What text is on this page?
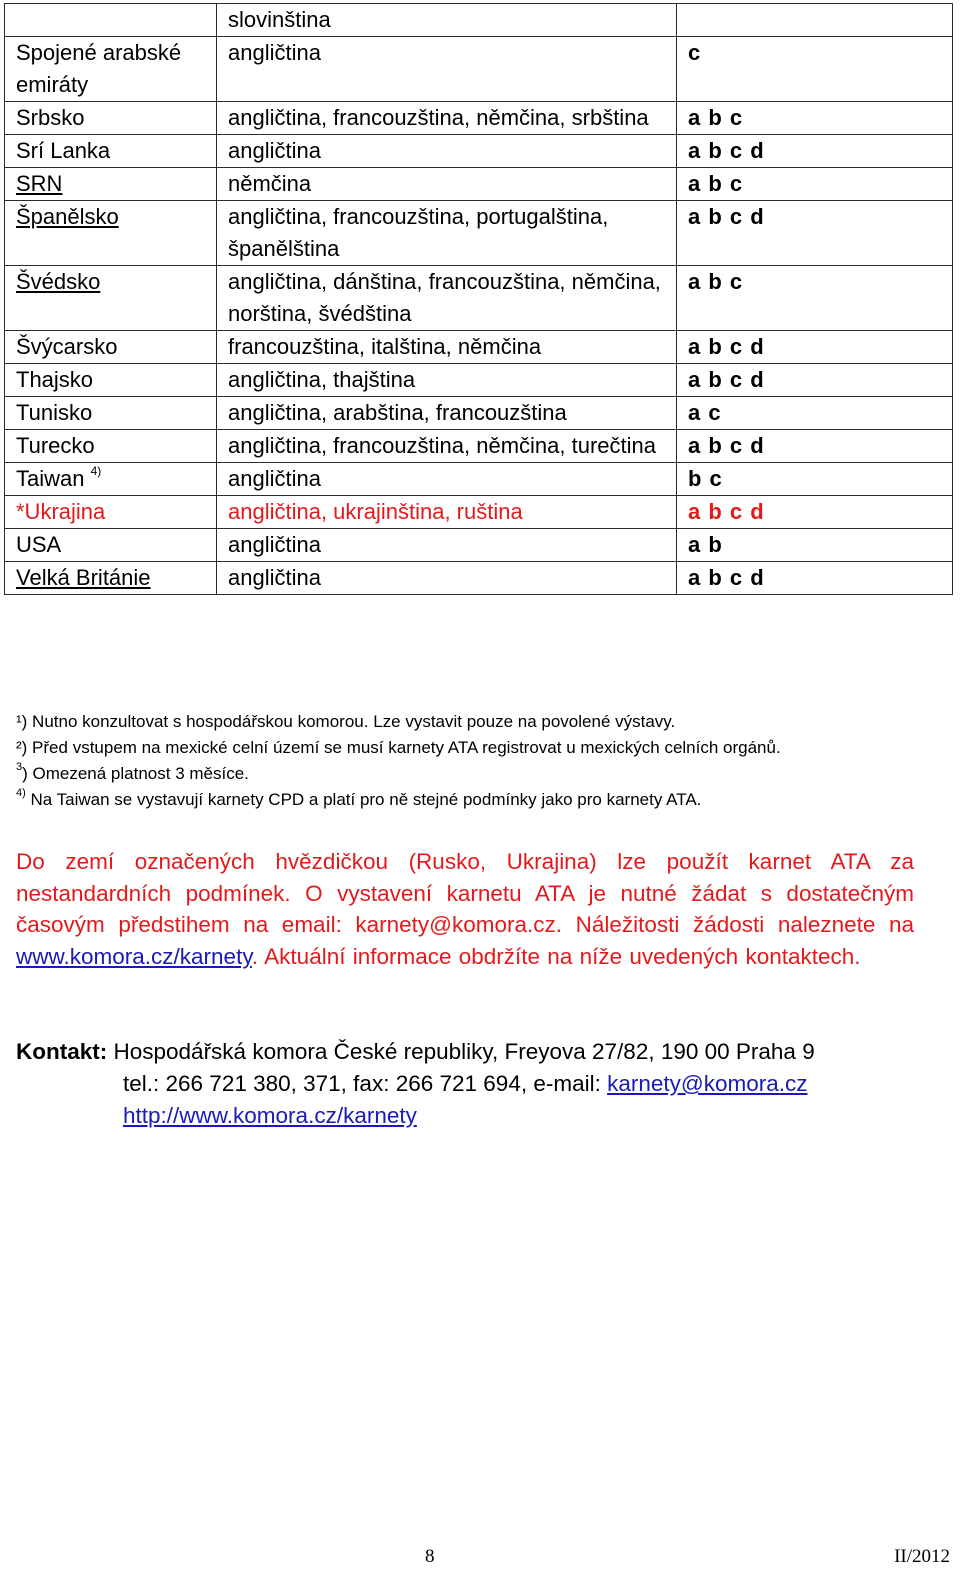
	slovinština	
Spojené arabské emiráty	angličtina	c
Srbsko	angličtina, francouzština, němčina, srbština	a b c
Srí Lanka	angličtina	a b c d
SRN	němčina	a b c
Španělsko	angličtina, francouzština, portugalština, španělština	a b c d
Švédsko	angličtina, dánština, francouzština, němčina, norština, švédština	a b c
Švýcarsko	francouzština, italština, němčina	a b c d
Thajsko	angličtina, thajština	a b c d
Tunisko	angličtina, arabština, francouzština	a c
Turecko	angličtina, francouzština, němčina, turečtina	a b c d
Taiwan $^{4)}$	angličtina	b c
*Ukrajina	angličtina, ukrajinština, ruština	a b c d
USA	angličtina	a b
Velká Británie	angličtina	a b c d
¹) Nutno konzultovat s hospodářskou komorou. Lze vystavit pouze na povolené výstavy.
²) Před vstupem na mexické celní území se musí karnety ATA registrovat u mexických celních orgánů.
$^3$) Omezená platnost 3 měsíce.
$^{4)}$ Na Taiwan se vystavují karnety CPD a platí pro ně stejné podmínky jako pro karnety ATA.
Do zemí označených hvězdičkou (Rusko, Ukrajina) lze použít karnet ATA za nestandardních podmínek. O vystavení karnetu ATA je nutné žádat s dostatečným časovým předstihem na email: karnety@komora.cz. Náležitosti žádosti naleznete na www.komora.cz/karnety. Aktuální informace obdržíte na níže uvedených kontaktech.
Kontakt: Hospodářská komora České republiky, Freyova 27/82, 190 00 Praha 9
tel.: 266 721 380, 371, fax: 266 721 694, e-mail: karnety@komora.cz
http://www.komora.cz/karnety
8	II/2012
